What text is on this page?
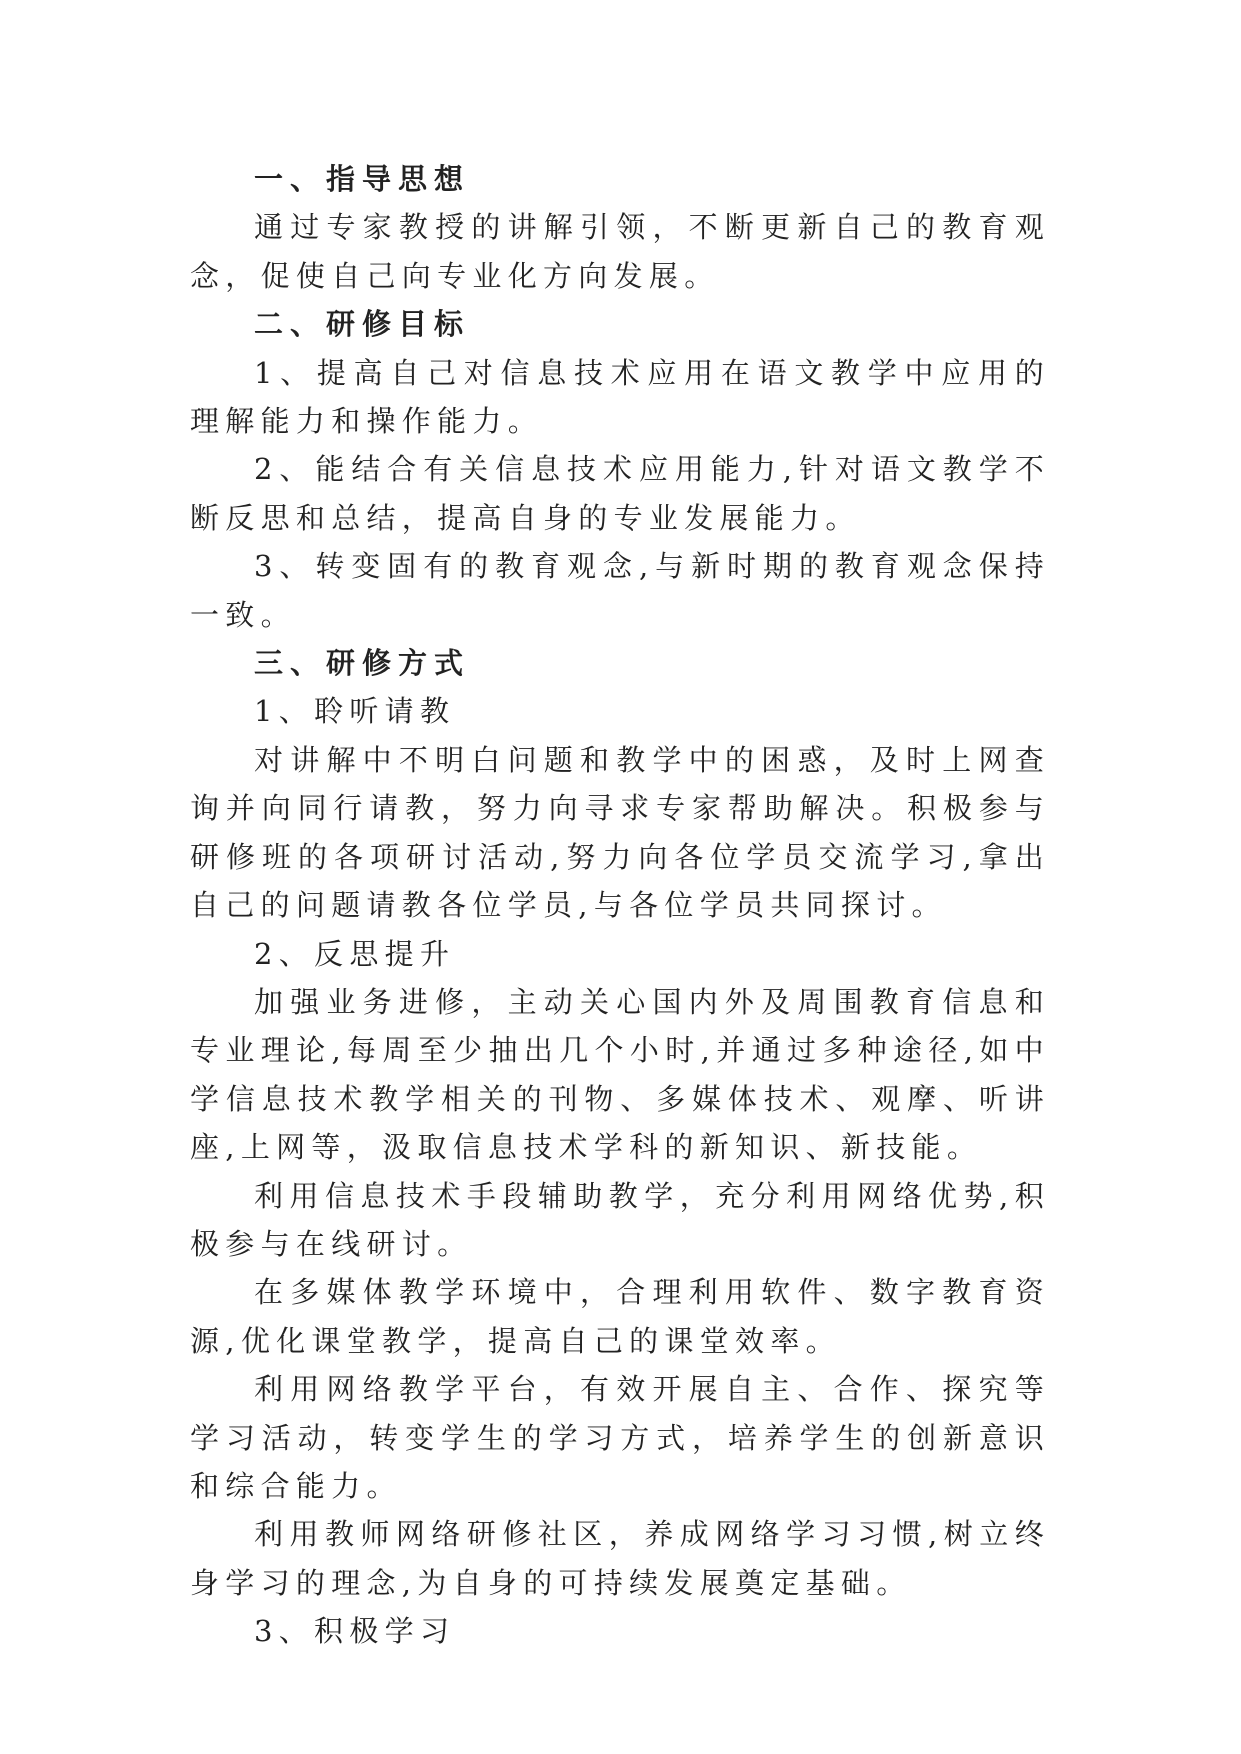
一、指导思想

通过专家教授的讲解引领，不断更新自己的教育观念，促使自己向专业化方向发展。

二、研修目标

1、提高自己对信息技术应用在语文教学中应用的理解能力和操作能力。

2、能结合有关信息技术应用能力,针对语文教学不断反思和总结，提高自身的专业发展能力。

3、转变固有的教育观念,与新时期的教育观念保持一致。

三、研修方式

1、聆听请教

对讲解中不明白问题和教学中的困惑，及时上网查询并向同行请教，努力向寻求专家帮助解决。积极参与研修班的各项研讨活动,努力向各位学员交流学习,拿出自己的问题请教各位学员,与各位学员共同探讨。

2、反思提升

加强业务进修，主动关心国内外及周围教育信息和专业理论,每周至少抽出几个小时,并通过多种途径,如中学信息技术教学相关的刊物、多媒体技术、观摩、听讲座,上网等，汲取信息技术学科的新知识、新技能。

利用信息技术手段辅助教学，充分利用网络优势,积极参与在线研讨。

在多媒体教学环境中，合理利用软件、数字教育资源,优化课堂教学，提高自己的课堂效率。

利用网络教学平台，有效开展自主、合作、探究等学习活动，转变学生的学习方式，培养学生的创新意识和综合能力。

利用教师网络研修社区，养成网络学习习惯,树立终身学习的理念,为自身的可持续发展奠定基础。

3、积极学习
